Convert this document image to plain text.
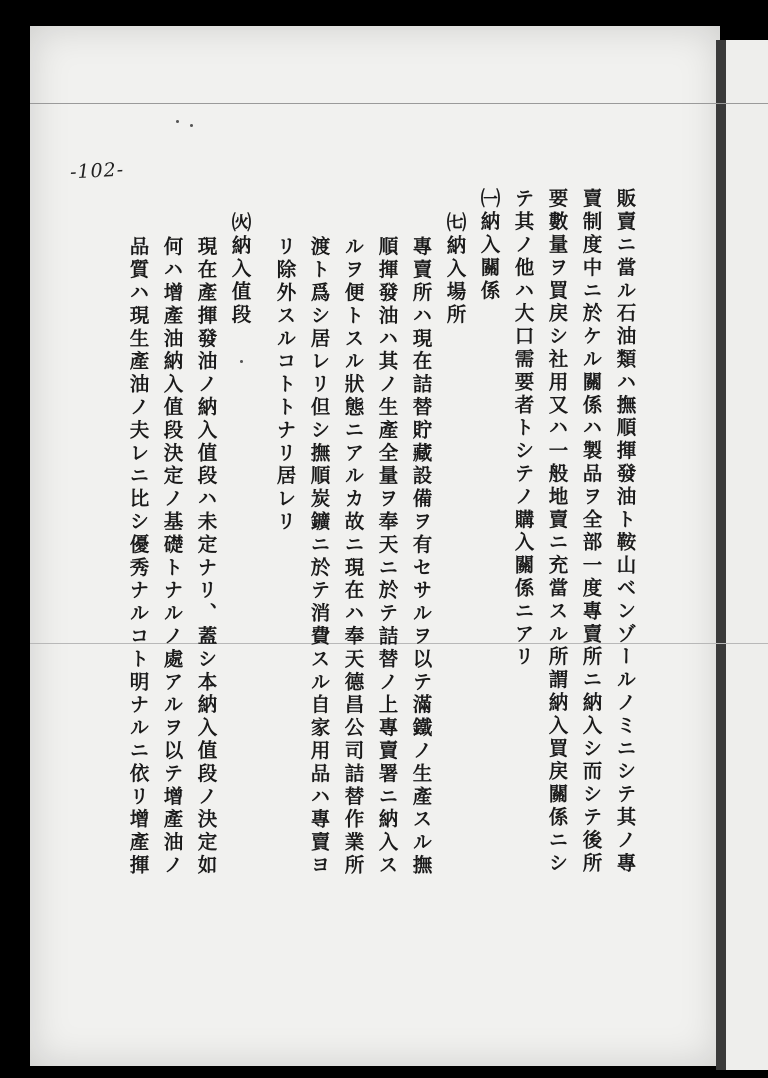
-102-
販賣ニ當ル石油類ハ撫順揮發油ト鞍山ベンゾールノミニシテ其ノ專
賣制度中ニ於ケル關係ハ製品ヲ全部一度專賣所ニ納入シ而シテ後所
要數量ヲ買戻シ社用又ハ一般地賣ニ充當スル所謂納入買戻關係ニシ
テ其ノ他ハ大口需要者トシテノ購入關係ニアリ
㈠納入關係
㈦納入場所
專賣所ハ現在詰替貯藏設備ヲ有セサルヲ以テ滿鐵ノ生產スル撫
順揮發油ハ其ノ生產全量ヲ奉天ニ於テ詰替ノ上專賣署ニ納入ス
ルヲ便トスル狀態ニアルカ故ニ現在ハ奉天德昌公司詰替作業所
渡ト爲シ居レリ但シ撫順炭鑛ニ於テ消費スル自家用品ハ專賣ヨ
リ除外スルコトトナリ居レリ
㈫納入值段
現在產揮發油ノ納入值段ハ未定ナリ、蓋シ本納入值段ノ決定如
何ハ增產油納入值段決定ノ基礎トナルノ處アルヲ以テ增產油ノ
品質ハ現生產油ノ夫レニ比シ優秀ナルコト明ナルニ依リ增產揮
